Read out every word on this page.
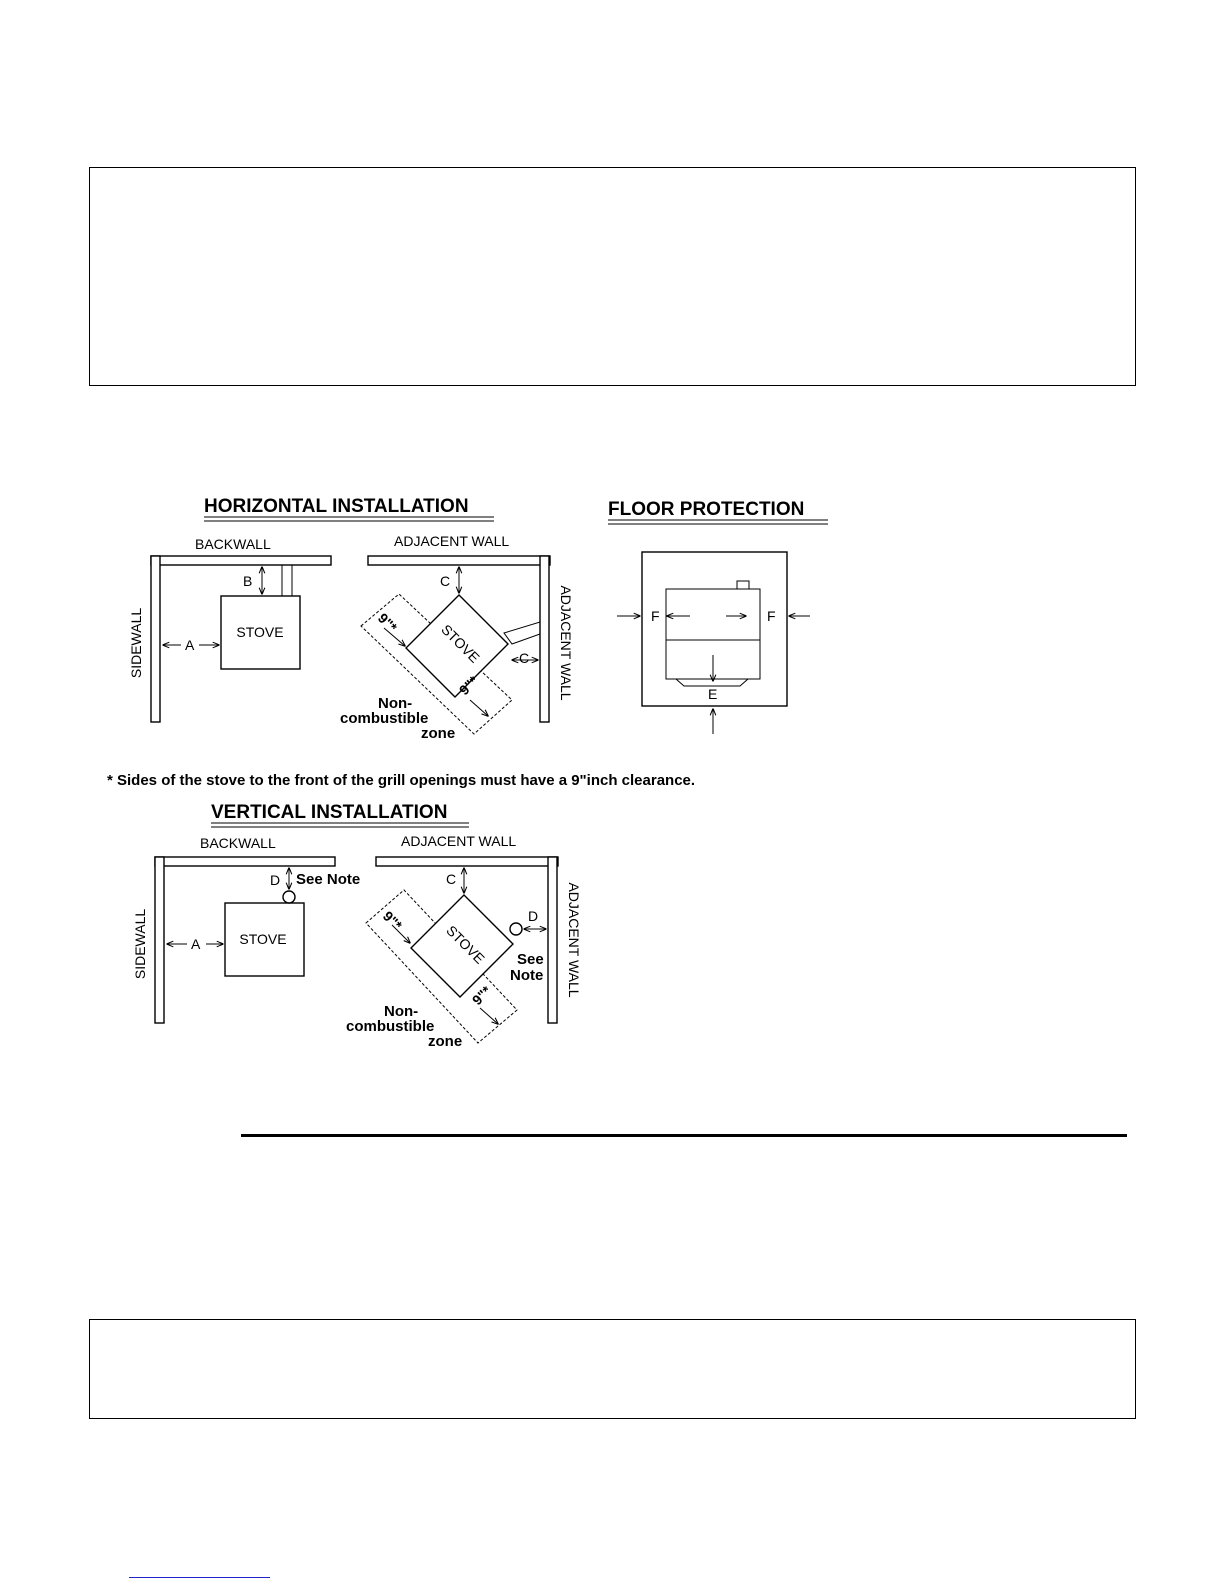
HORIZONTAL INSTALLATION	FLOOR PROTECTION
VERTICAL INSTALLATION
BACKWALL
SIDEWALL	STOVE
B
A
ADJACENT WALL
ADJACENT WALL
STOVE
C
C
9"*
9"*
Non-
combustible
zone
F	F
E
* Sides of the stove to the front of the grill openings must have a 9"inch clearance.
BACKWALL
SIDEWALL	STOVE
D See Note
A
ADJACENT WALL
ADJACENT WALL
STOVE
C
D
See
Note
9"*
9"*
Non-
combustible
zone
